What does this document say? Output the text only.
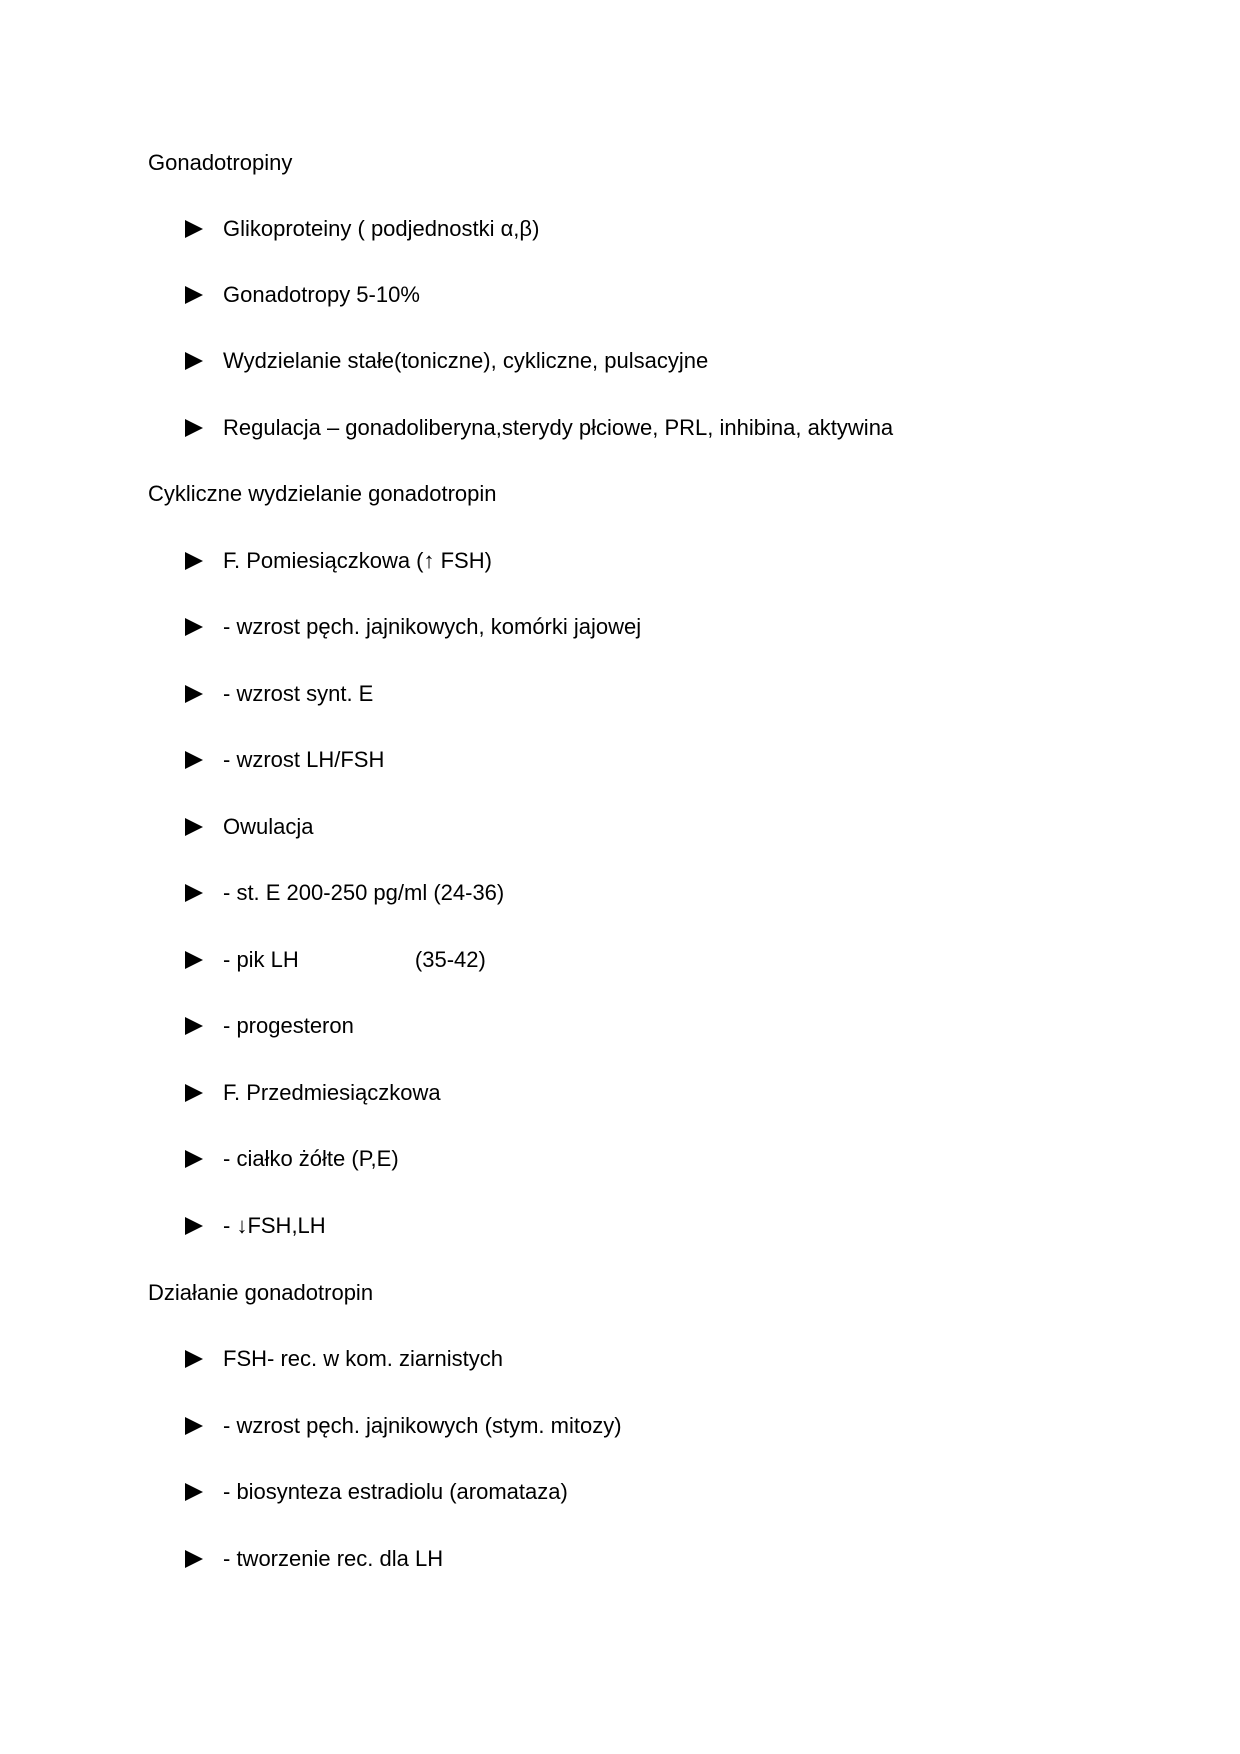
Gonadotropiny
Glikoproteiny ( podjednostki α,β)
Gonadotropy 5-10%
Wydzielanie stałe(toniczne), cykliczne, pulsacyjne
Regulacja – gonadoliberyna,sterydy płciowe, PRL, inhibina, aktywina
Cykliczne wydzielanie gonadotropin
F. Pomiesiączkowa (↑ FSH)
- wzrost pęch. jajnikowych, komórki jajowej
- wzrost synt. E
- wzrost LH/FSH
Owulacja
- st. E 200-250 pg/ml (24-36)
- pik LH                   (35-42)
- progesteron
F. Przedmiesiączkowa
- ciałko żółte (P,E)
- ↓FSH,LH
Działanie gonadotropin
FSH- rec. w kom. ziarnistych
- wzrost pęch. jajnikowych (stym. mitozy)
- biosynteza estradiolu (aromataza)
- tworzenie rec. dla LH
